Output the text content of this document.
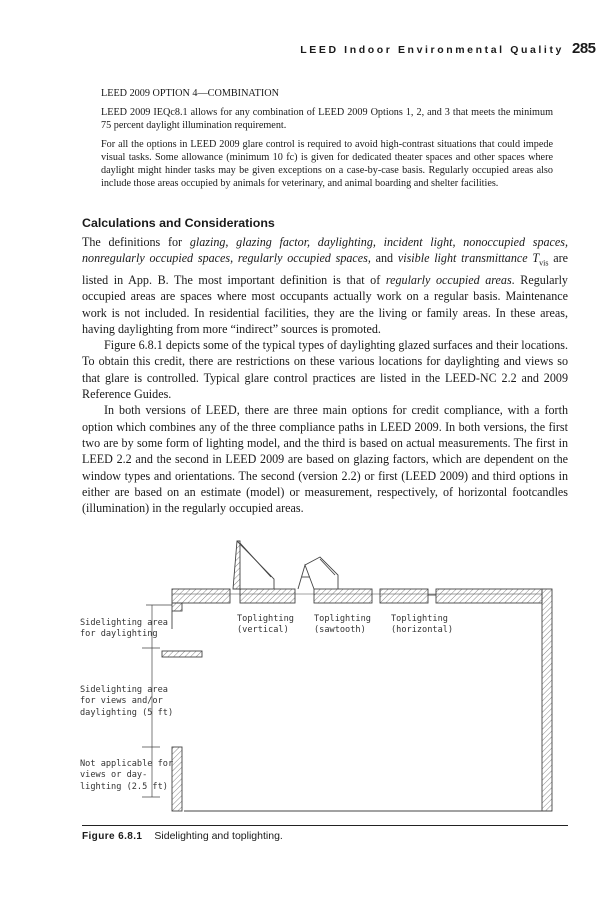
LEED Indoor Environmental Quality 285

LEED 2009 OPTION 4—COMBINATION

LEED 2009 IEQc8.1 allows for any combination of LEED 2009 Options 1, 2, and 3 that meets the minimum 75 percent daylight illumination requirement.

For all the options in LEED 2009 glare control is required to avoid high-contrast situations that could impede visual tasks. Some allowance (minimum 10 fc) is given for dedicated theater spaces and other spaces where daylight might hinder tasks may be given exceptions on a case-by-case basis. Regularly occupied areas also include those areas occupied by animals for veterinary, and animal boarding and shelter facilities.

Calculations and Considerations

The definitions for glazing, glazing factor, daylighting, incident light, nonoccupied spaces, nonregularly occupied spaces, regularly occupied spaces, and visible light transmittance $T_{vis}$ are listed in App. B. The most important definition is that of regularly occupied areas. Regularly occupied areas are spaces where most occupants actually work on a regular basis. Maintenance work is not included. In residential facilities, they are the living or family areas. In these areas, having daylighting from more “indirect” sources is promoted.

Figure 6.8.1 depicts some of the typical types of daylighting glazed surfaces and their locations. To obtain this credit, there are restrictions on these various locations for daylighting and views so that glare is controlled. Typical glare control practices are listed in the LEED-NC 2.2 and 2009 Reference Guides.

In both versions of LEED, there are three main options for credit compliance, with a forth option which combines any of the three compliance paths in LEED 2009. In both versions, the first two are by some form of lighting model, and the third is based on actual measurements. The first in LEED 2.2 and the second in LEED 2009 are based on glazing factors, which are dependent on the window types and orientations. The second (version 2.2) or first (LEED 2009) and third options in either are based on an estimate (model) or measurement, respectively, of horizontal footcandles (illumination) in the regularly occupied areas.

Sidelighting area
for daylighting
Sidelighting area
for views and/or
daylighting (5 ft)
Not applicable for
views or day-
lighting (2.5 ft)
Toplighting
(vertical)
Toplighting
(sawtooth)
Toplighting
(horizontal)
Figure 6.8.1 Sidelighting and toplighting.
